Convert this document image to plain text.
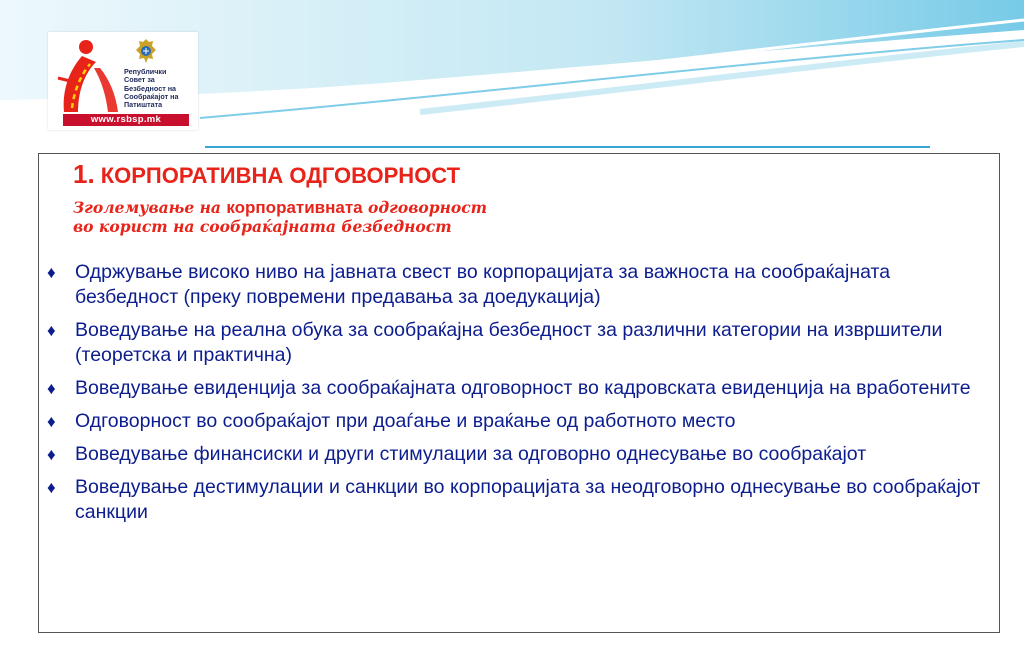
Републички
Совет за
Безбедност на
Сообраќајот на
Патиштата
www.rsbsp.mk
1. КОРПОРАТИВНА ОДГОВОРНОСТ
Зголемување на корпоративната одговорност
во корист на сообраќајната безбедност
♦ Одржување високо ниво на јавната свест во корпорациjата за важноста на сообраќајната безбедност (преку повремени предавања за доедукација)
♦ Воведување на реална обука за сообраќајна безбедност за различни категории на извршители (теоретска и практична)
♦ Воведување евиденција за сообраќајната одговорност во кадровската евиденција на вработените
♦ Одговорност во сообраќајот при доаѓање и враќање од работното место
♦ Воведување финансиски и други стимулации за одговорно однесување во сообраќајот
♦ Воведување дестимулации и санкции во корпорацијата за неодговорно однесување во сообраќајот санкции
